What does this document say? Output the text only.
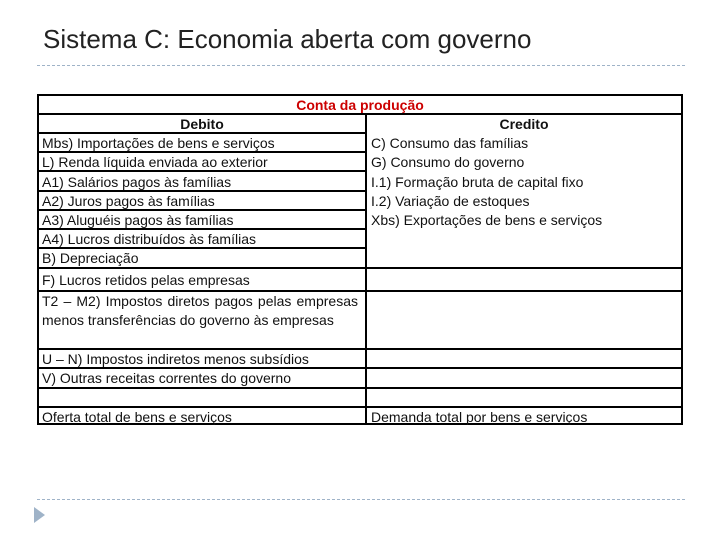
Sistema C: Economia aberta com governo
Conta da produção
Debito	Credito
Mbs) Importações de bens e serviços
L) Renda líquida enviada ao exterior
A1) Salários pagos às famílias
A2) Juros pagos às famílias
A3) Aluguéis pagos às famílias
A4) Lucros distribuídos às famílias
B) Depreciação
F) Lucros retidos pelas empresas
T2 – M2) Impostos diretos pagos pelas empresas menos transferências do governo às empresas
U – N) Impostos indiretos menos subsídios
V) Outras receitas correntes do governo
Oferta total de bens e serviços
C) Consumo das famílias
G) Consumo do governo
I.1) Formação bruta de capital fixo
I.2) Variação de estoques
Xbs) Exportações de bens e serviços
Demanda total por bens e serviços
